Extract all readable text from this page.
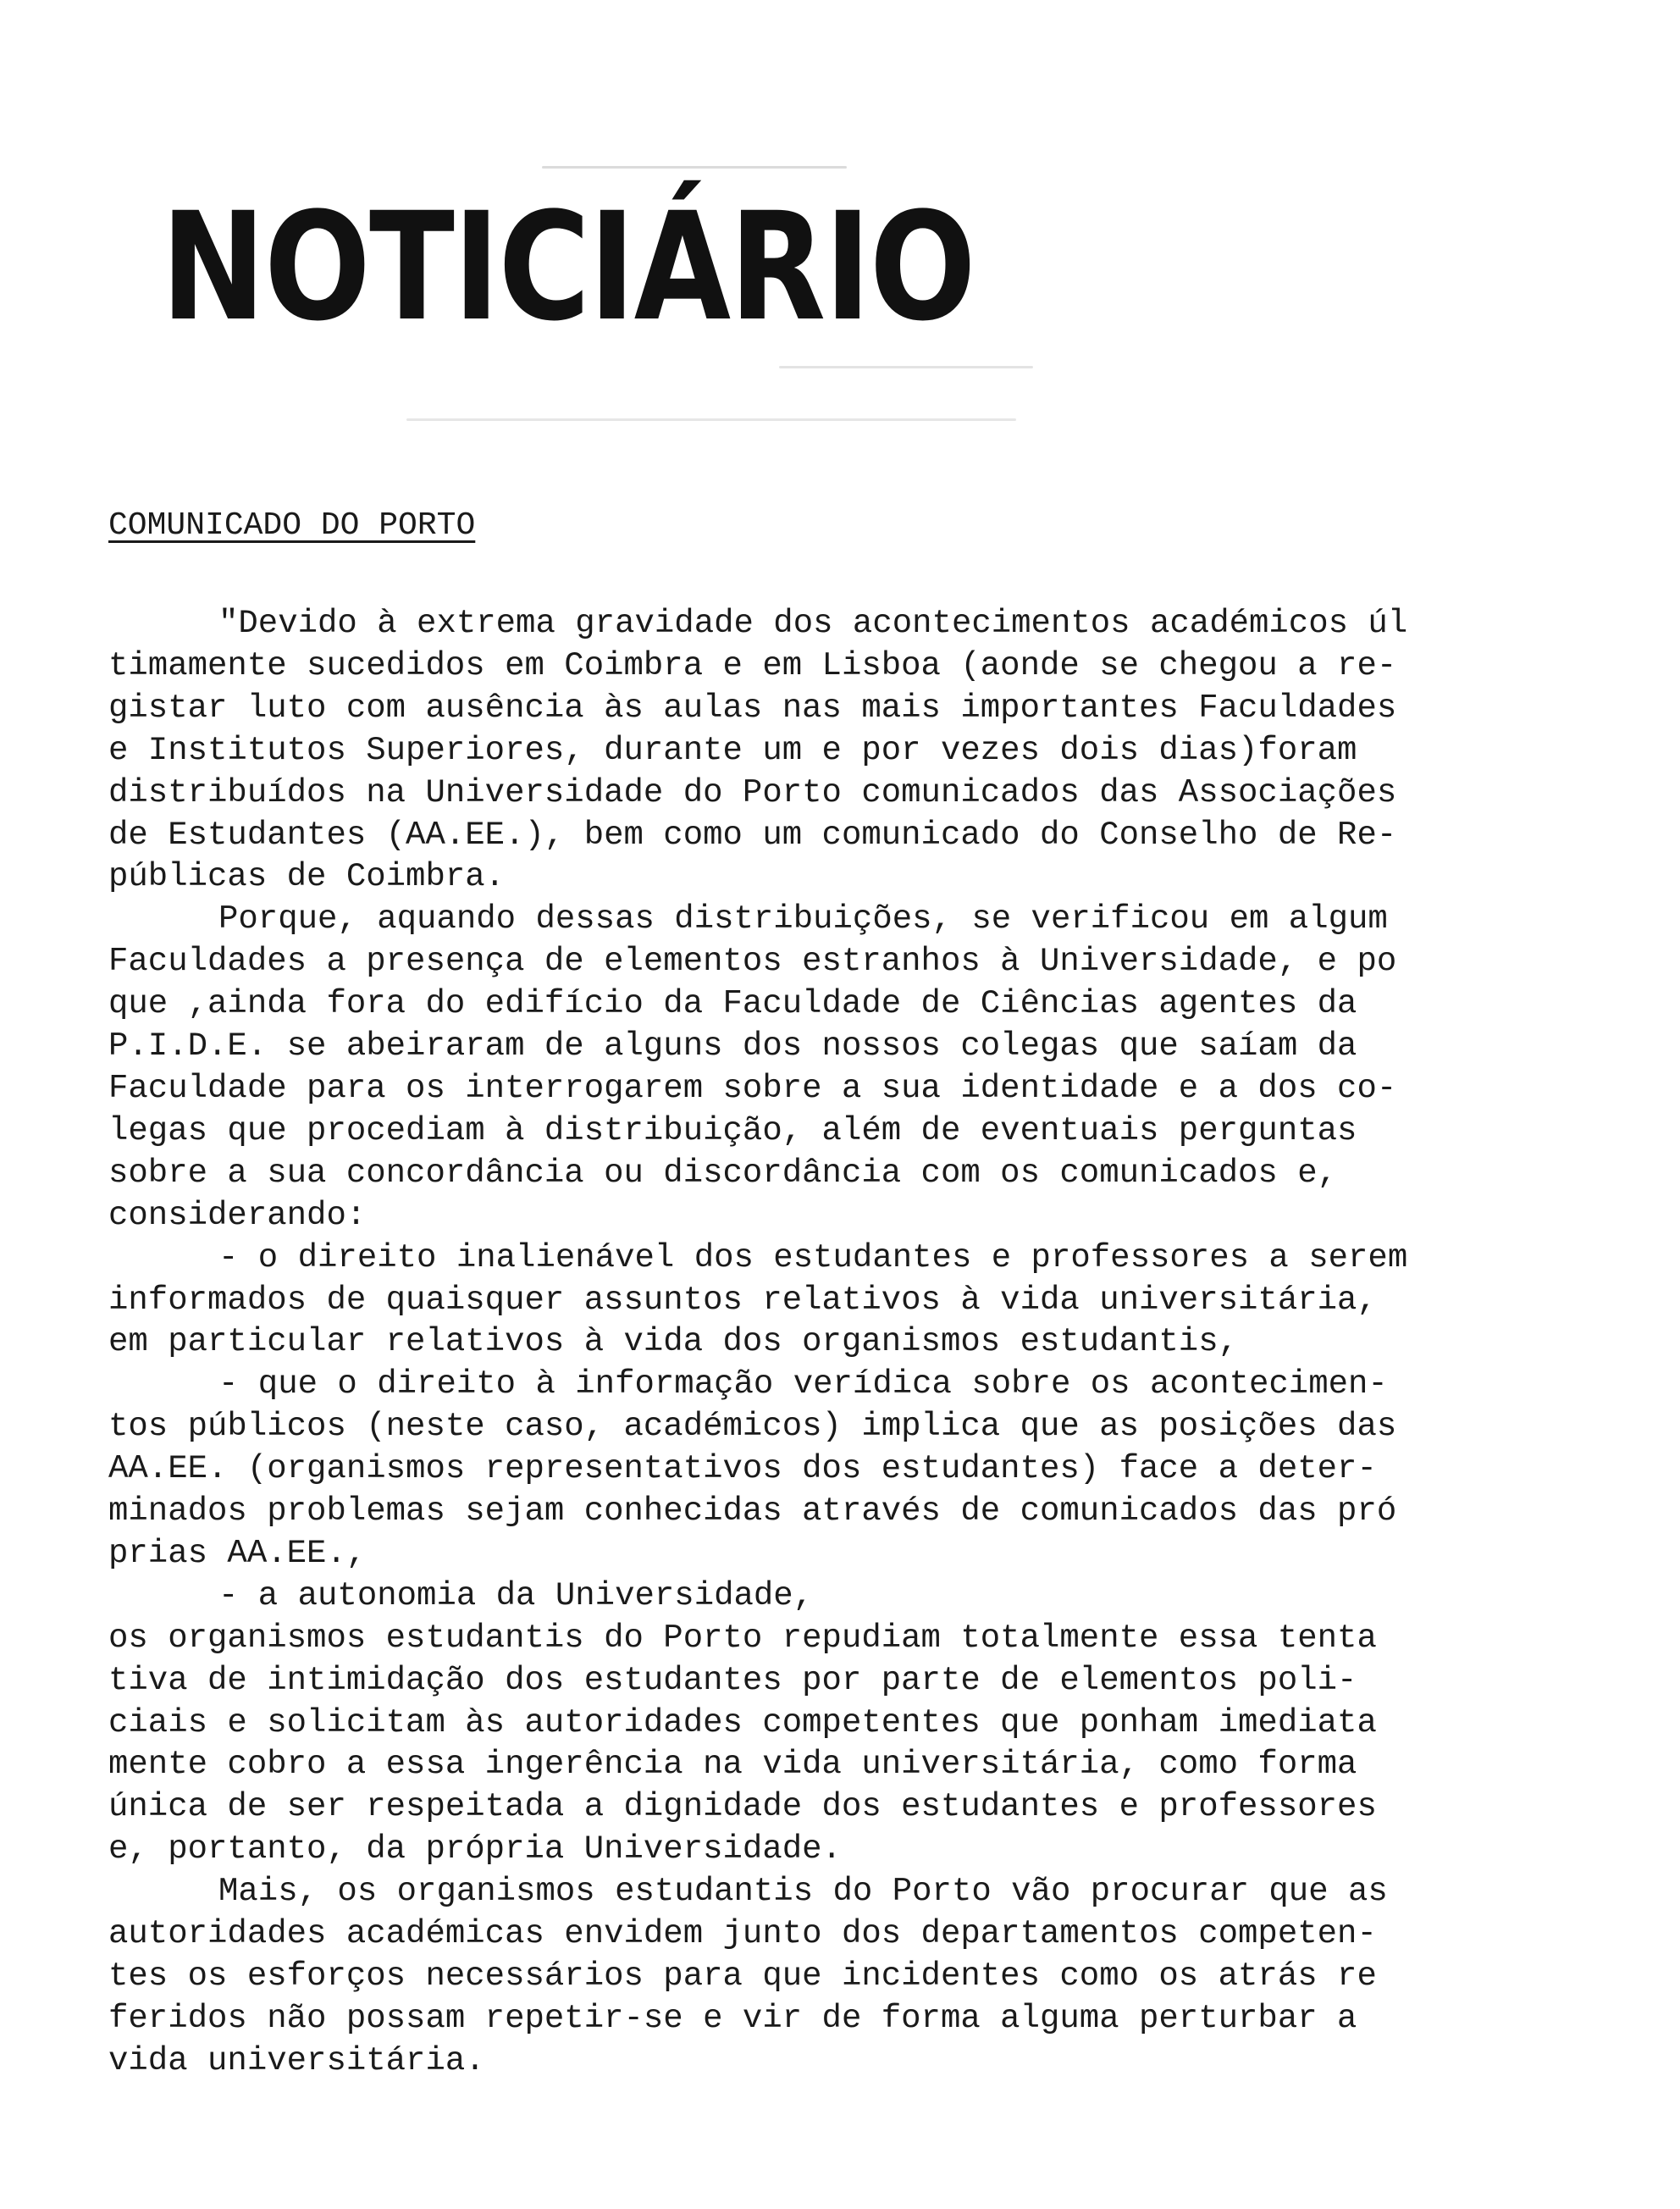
NOTICIÁRIO
COMUNICADO DO PORTO
"Devido à extrema gravidade dos acontecimentos académicos úl
timamente sucedidos em Coimbra e em Lisboa (aonde se chegou a re-
gistar luto com ausência às aulas nas mais importantes Faculdades
e Institutos Superiores, durante um e por vezes dois dias)foram
distribuídos na Universidade do Porto comunicados das Associações
de Estudantes (AA.EE.), bem como um comunicado do Conselho de Re-
públicas de Coimbra.
Porque, aquando dessas distribuições, se verificou em algum
Faculdades a presença de elementos estranhos à Universidade, e po
que ,ainda fora do edifício da Faculdade de Ciências agentes da
P.I.D.E. se abeiraram de alguns dos nossos colegas que saíam da
Faculdade para os interrogarem sobre a sua identidade e a dos co-
legas que procediam à distribuição, além de eventuais perguntas
sobre a sua concordância ou discordância com os comunicados e,
considerando:
- o direito inalienável dos estudantes e professores a serem
informados de quaisquer assuntos relativos à vida universitária,
em particular relativos à vida dos organismos estudantis,
- que o direito à informação verídica sobre os acontecimen-
tos públicos (neste caso, académicos) implica que as posições das
AA.EE. (organismos representativos dos estudantes) face a deter-
minados problemas sejam conhecidas através de comunicados das pró
prias AA.EE.,
- a autonomia da Universidade,
os organismos estudantis do Porto repudiam totalmente essa tenta
tiva de intimidação dos estudantes por parte de elementos poli-
ciais e solicitam às autoridades competentes que ponham imediata
mente cobro a essa ingerência na vida universitária, como forma
única de ser respeitada a dignidade dos estudantes e professores
e, portanto, da própria Universidade.
Mais, os organismos estudantis do Porto vão procurar que as
autoridades académicas envidem junto dos departamentos competen-
tes os esforços necessários para que incidentes como os atrás re
feridos não possam repetir-se e vir de forma alguma perturbar a
vida universitária.
